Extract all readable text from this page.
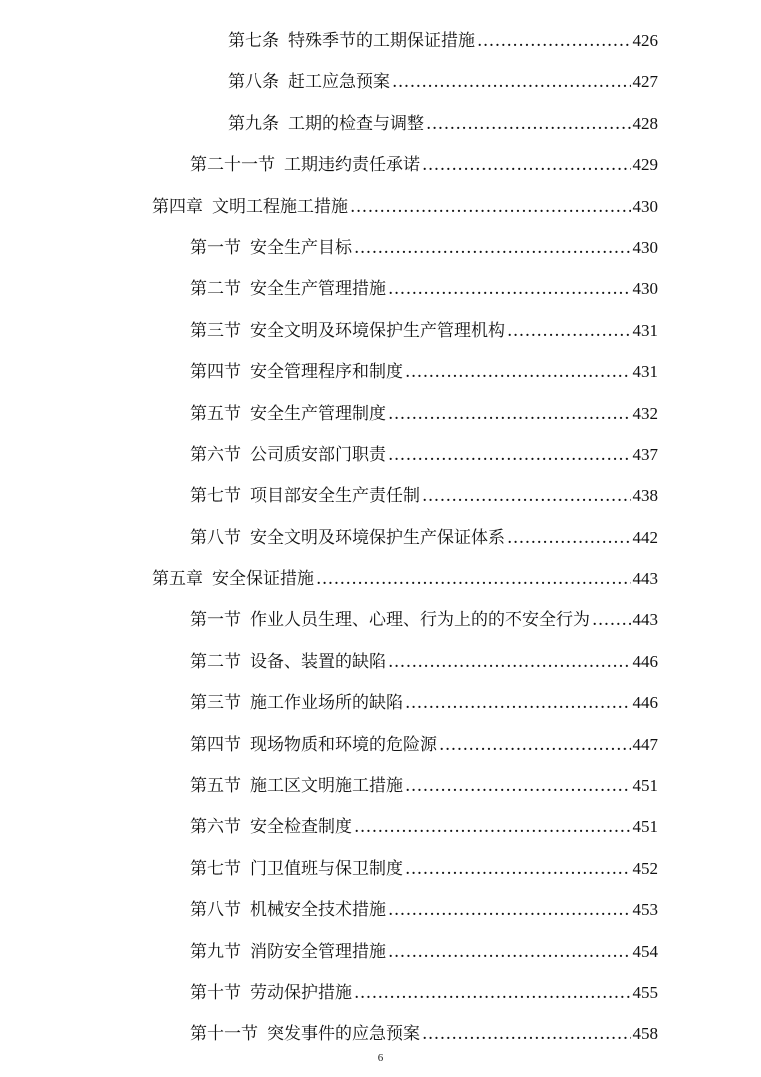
第七条 特殊季节的工期保证措施 .....	426
第八条 赶工应急预案 .....	427
第九条 工期的检查与调整 .....	428
第二十一节 工期违约责任承诺 .....	429
第四章 文明工程施工措施 .....	430
第一节 安全生产目标 .....	430
第二节 安全生产管理措施 .....	430
第三节 安全文明及环境保护生产管理机构 .....	431
第四节 安全管理程序和制度 .....	431
第五节 安全生产管理制度 .....	432
第六节 公司质安部门职责 .....	437
第七节 项目部安全生产责任制 .....	438
第八节 安全文明及环境保护生产保证体系 .....	442
第五章 安全保证措施 .....	443
第一节 作业人员生理、心理、行为上的的不安全行为 .....	443
第二节 设备、装置的缺陷 .....	446
第三节 施工作业场所的缺陷 .....	446
第四节 现场物质和环境的危险源 .....	447
第五节 施工区文明施工措施 .....	451
第六节 安全检查制度 .....	451
第七节 门卫值班与保卫制度 .....	452
第八节 机械安全技术措施 .....	453
第九节 消防安全管理措施 .....	454
第十节 劳动保护措施 .....	455
第十一节 突发事件的应急预案 .....	458
6
